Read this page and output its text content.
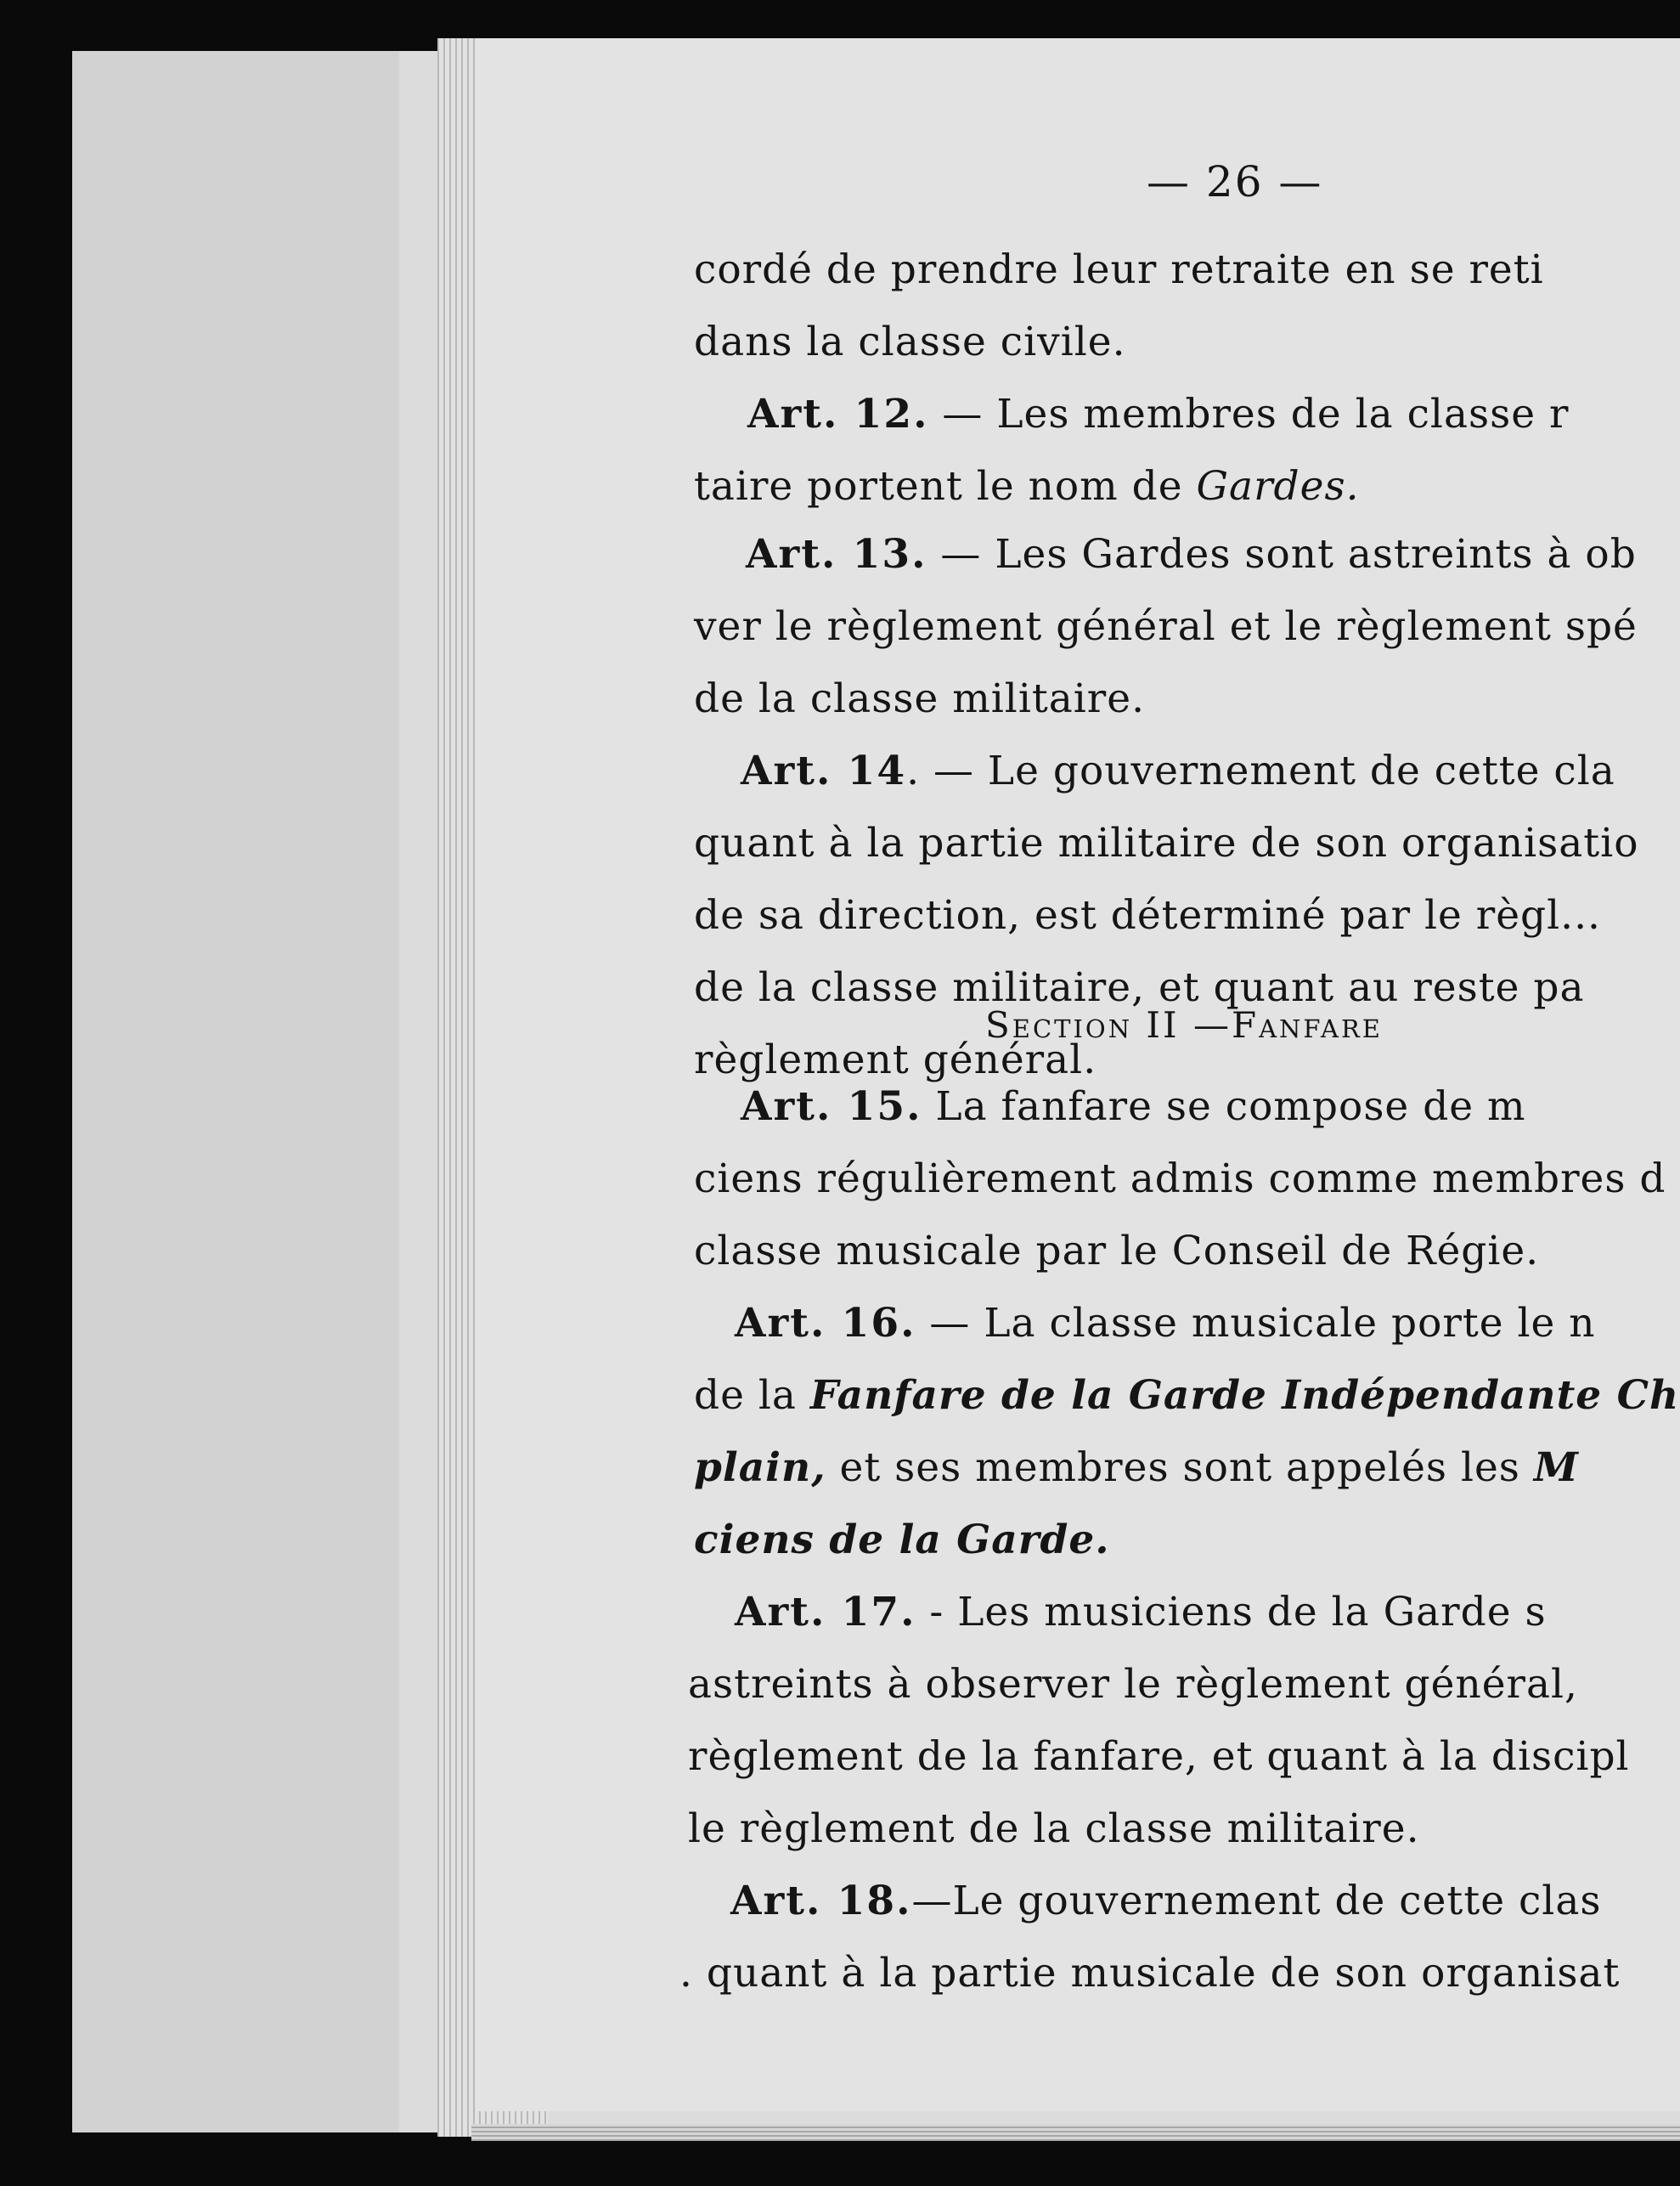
— 26 —
cordé de prendre leur retraite en se reti
dans la classe civile.
Art. 12. — Les membres de la classe r
taire portent le nom de Gardes.
Art. 13. — Les Gardes sont astreints à ob
ver le règlement général et le règlement spé
de la classe militaire.
Art. 14. — Le gouvernement de cette cla
quant à la partie militaire de son organisatio
de sa direction, est déterminé par le règl...
de la classe militaire, et quant au reste pa
règlement général.
Art. 15. La fanfare se compose de m
ciens régulièrement admis comme membres d
classe musicale par le Conseil de Régie.
Art. 16. — La classe musicale porte le n
de la Fanfare de la Garde Indépendante Ch
plain, et ses membres sont appelés les M
ciens de la Garde.
Art. 17. - Les musiciens de la Garde s
astreints à observer le règlement général,
règlement de la fanfare, et quant à la discipl
le règlement de la classe militaire.
Art. 18.—Le gouvernement de cette clas
. quant à la partie musicale de son organisat
Section II —Fanfare
